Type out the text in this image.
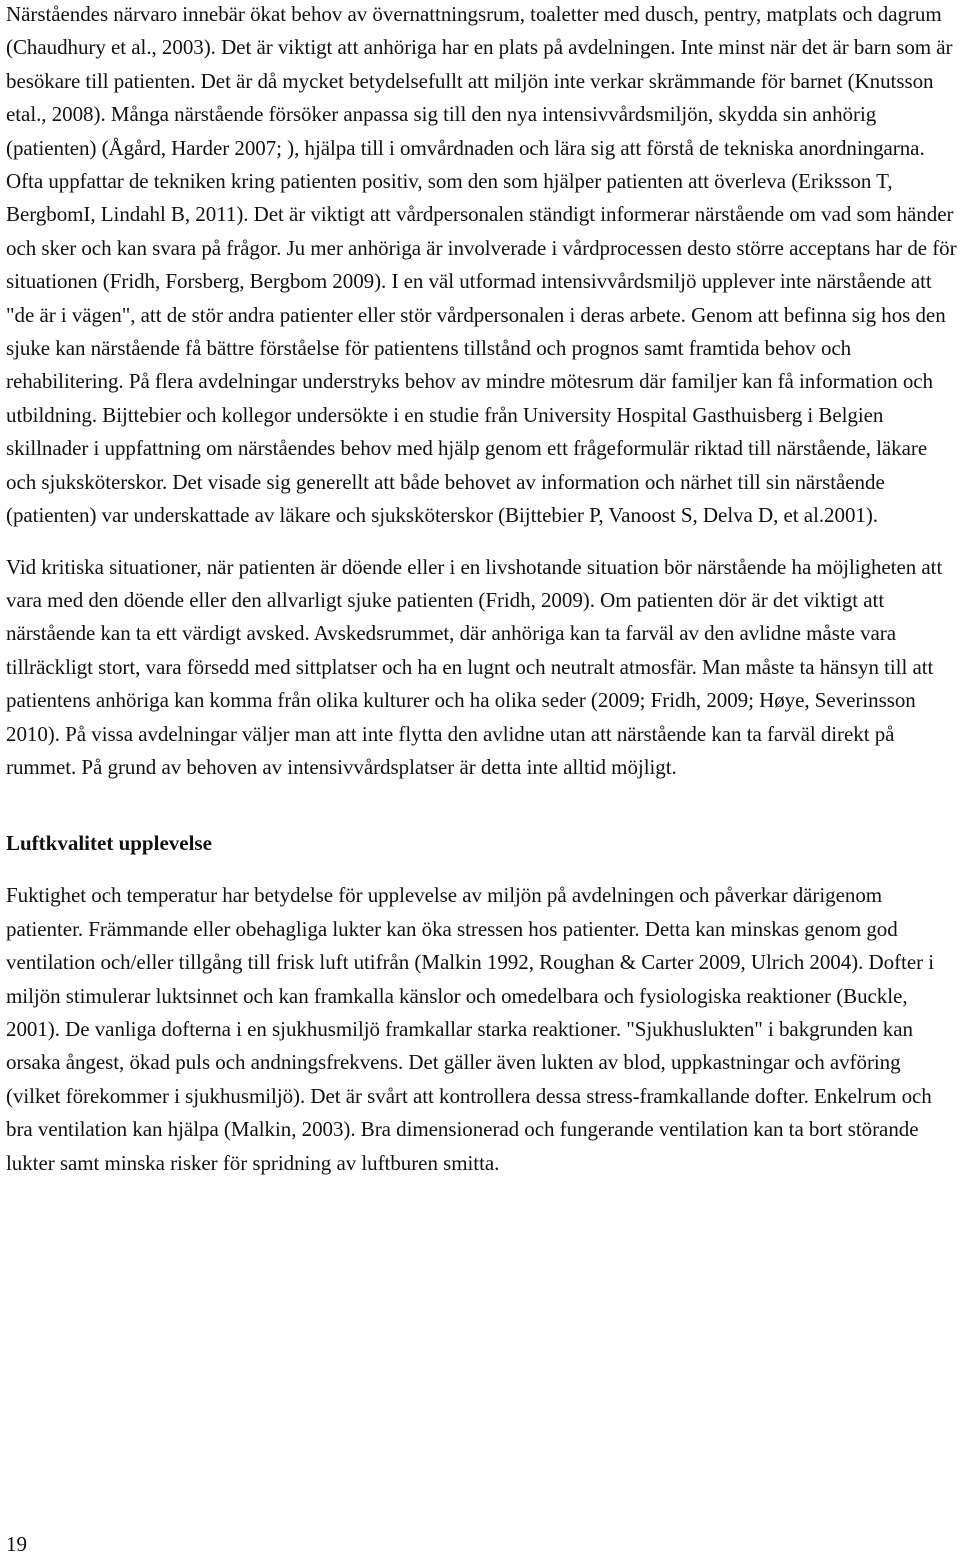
Närståendes närvaro innebär ökat behov av övernattningsrum, toaletter med dusch, pentry, matplats och dagrum (Chaudhury et al., 2003). Det är viktigt att anhöriga har en plats på avdelningen. Inte minst när det är barn som är besökare till patienten. Det är då mycket betydelsefullt att miljön inte verkar skrämmande för barnet (Knutsson etal., 2008). Många närstående försöker anpassa sig till den nya intensivvårdsmiljön, skydda sin anhörig (patienten) (Ågård, Harder 2007; ), hjälpa till i omvårdnaden och lära sig att förstå de tekniska anordningarna. Ofta uppfattar de tekniken kring patienten positiv, som den som hjälper patienten att överleva (Eriksson T, BergbomI, Lindahl B, 2011). Det är viktigt att vårdpersonalen ständigt informerar närstående om vad som händer och sker och kan svara på frågor. Ju mer anhöriga är involverade i vårdprocessen desto större acceptans har de för situationen (Fridh, Forsberg, Bergbom 2009). I en väl utformad intensivvårdsmiljö upplever inte närstående att "de är i vägen", att de stör andra patienter eller stör vårdpersonalen i deras arbete. Genom att befinna sig hos den sjuke kan närstående få bättre förståelse för patientens tillstånd och prognos samt framtida behov och rehabilitering. På flera avdelningar understryks behov av mindre mötesrum där familjer kan få information och utbildning. Bijttebier och kollegor undersökte i en studie från University Hospital Gasthuisberg i Belgien skillnader i uppfattning om närståendes behov med hjälp genom ett frågeformulär riktad till närstående, läkare och sjuksköterskor. Det visade sig generellt att både behovet av information och närhet till sin närstående (patienten) var underskattade av läkare och sjuksköterskor (Bijttebier P, Vanoost S, Delva D, et al.2001).

Vid kritiska situationer, när patienten är döende eller i en livshotande situation bör närstående ha möjligheten att vara med den döende eller den allvarligt sjuke patienten (Fridh, 2009). Om patienten dör är det viktigt att närstående kan ta ett värdigt avsked. Avskedsrummet, där anhöriga kan ta farväl av den avlidne måste vara tillräckligt stort, vara försedd med sittplatser och ha en lugnt och neutralt atmosfär. Man måste ta hänsyn till att patientens anhöriga kan komma från olika kulturer och ha olika seder (2009; Fridh, 2009; Høye, Severinsson 2010). På vissa avdelningar väljer man att inte flytta den avlidne utan att närstående kan ta farväl direkt på rummet. På grund av behoven av intensivvårdsplatser är detta inte alltid möjligt.

Luftkvalitet upplevelse

Fuktighet och temperatur har betydelse för upplevelse av miljön på avdelningen och påverkar därigenom patienter. Främmande eller obehagliga lukter kan öka stressen hos patienter. Detta kan minskas genom god ventilation och/eller tillgång till frisk luft utifrån (Malkin 1992, Roughan & Carter 2009, Ulrich 2004). Dofter i miljön stimulerar luktsinnet och kan framkalla känslor och omedelbara och fysiologiska reaktioner (Buckle, 2001). De vanliga dofterna i en sjukhusmiljö framkallar starka reaktioner. "Sjukhuslukten" i bakgrunden kan orsaka ångest, ökad puls och andningsfrekvens. Det gäller även lukten av blod, uppkastningar och avföring (vilket förekommer i sjukhusmiljö). Det är svårt att kontrollera dessa stress-framkallande dofter. Enkelrum och bra ventilation kan hjälpa (Malkin, 2003). Bra dimensionerad och fungerande ventilation kan ta bort störande lukter samt minska risker för spridning av luftburen smitta.

19
